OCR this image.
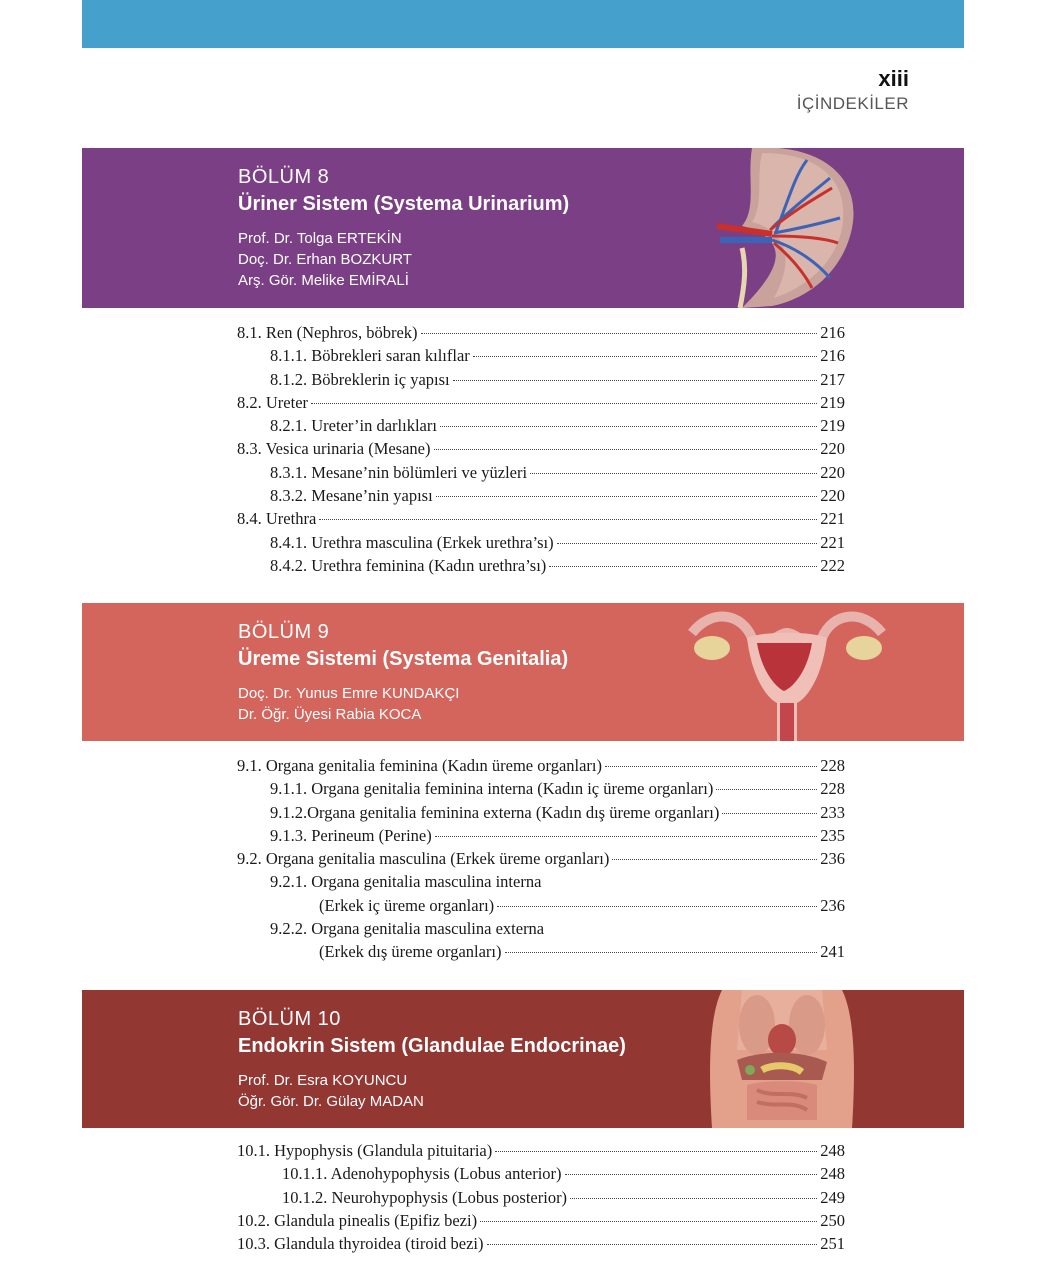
xiii
İÇİNDEKİLER
BÖLÜM 8
Üriner Sistem (Systema Urinarium)
Prof. Dr. Tolga ERTEKİN
Doç. Dr. Erhan BOZKURT
Arş. Gör. Melike EMİRALİ
8.1. Ren (Nephros, böbrek)	216
8.1.1. Böbrekleri saran kılıflar	216
8.1.2. Böbreklerin iç yapısı	217
8.2. Ureter	219
8.2.1. Ureter’in darlıkları	219
8.3. Vesica urinaria (Mesane)	220
8.3.1. Mesane’nin bölümleri ve yüzleri	220
8.3.2. Mesane’nin yapısı	220
8.4. Urethra	221
8.4.1. Urethra masculina (Erkek urethra’sı)	221
8.4.2. Urethra feminina (Kadın urethra’sı)	222
BÖLÜM 9
Üreme Sistemi (Systema Genitalia)
Doç. Dr. Yunus Emre KUNDAKÇI
Dr. Öğr. Üyesi Rabia KOCA
9.1. Organa genitalia feminina (Kadın üreme organları)	228
9.1.1. Organa genitalia feminina interna (Kadın iç üreme organları)	228
9.1.2.Organa genitalia feminina externa (Kadın dış üreme organları)	233
9.1.3. Perineum (Perine)	235
9.2. Organa genitalia masculina (Erkek üreme organları)	236
9.2.1. Organa genitalia masculina interna
(Erkek iç üreme organları)	236
9.2.2. Organa genitalia masculina externa
(Erkek dış üreme organları)	241
BÖLÜM 10
Endokrin Sistem (Glandulae Endocrinae)
Prof. Dr. Esra KOYUNCU
Öğr. Gör. Dr. Gülay MADAN
10.1. Hypophysis (Glandula pituitaria)	248
10.1.1. Adenohypophysis (Lobus anterior)	248
10.1.2. Neurohypophysis (Lobus posterior)	249
10.2. Glandula pinealis (Epifiz bezi)	250
10.3. Glandula thyroidea (tiroid bezi)	251
